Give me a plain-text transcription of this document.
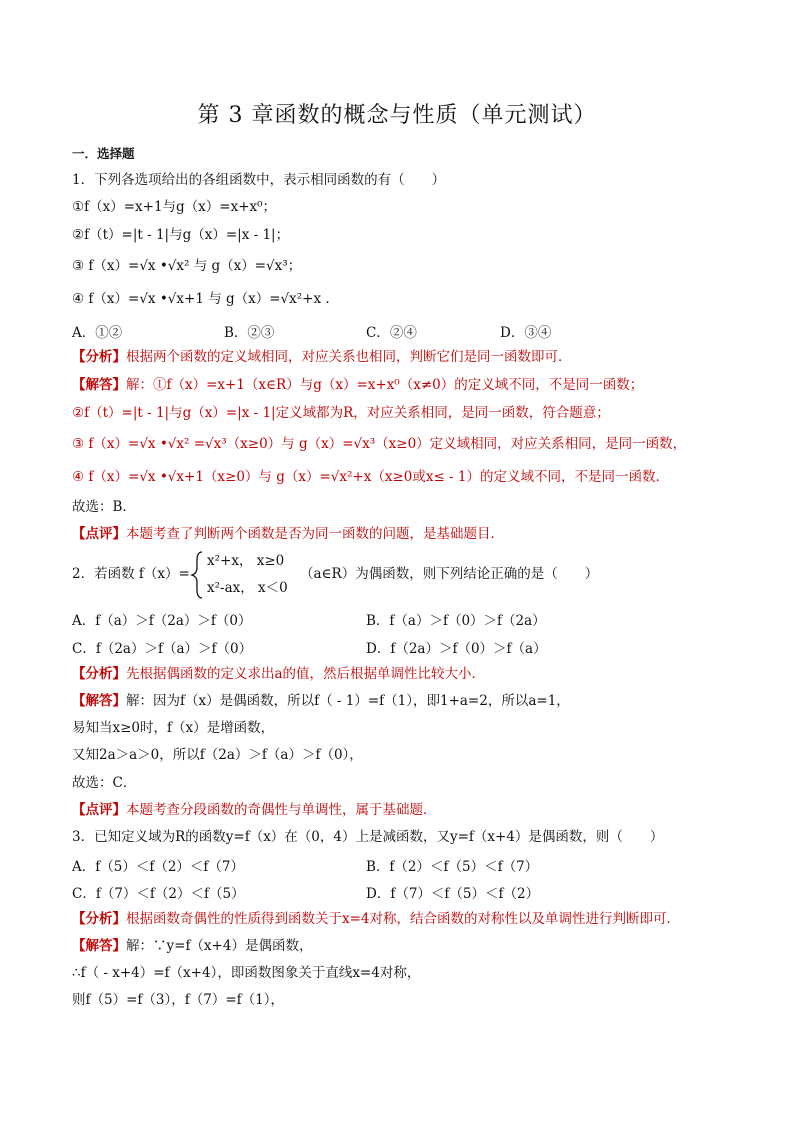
第 3 章函数的概念与性质（单元测试）
一．选择题
1．下列各选项给出的各组函数中，表示相同函数的有（　　）
①f（x）=x+1与g（x）=x+x⁰；
②f（t）=|t - 1|与g（x）=|x - 1|；
③ f（x）=√x •√x² 与 g（x）=√x³；
④ f（x）=√x •√x+1 与 g（x）=√x²+x .
A．①②	B．②③	C．②④	D．③④
【分析】根据两个函数的定义域相同，对应关系也相同，判断它们是同一函数即可．
【解答】解：①f（x）=x+1（x∈R）与g（x）=x+x⁰（x≠0）的定义域不同，不是同一函数；
②f（t）=|t - 1|与g（x）=|x - 1|定义域都为R，对应关系相同，是同一函数，符合题意；
③ f（x）=√x •√x² =√x³（x≥0）与 g（x）=√x³（x≥0）定义域相同，对应关系相同，是同一函数，
④ f（x）=√x •√x+1（x≥0）与 g（x）=√x²+x（x≥0或x≤ - 1）的定义域不同，不是同一函数．
故选：B．
【点评】本题考查了判断两个函数是否为同一函数的问题，是基础题目．
2．若函数 f（x）=
x²+x， x≥0
x²-ax， x＜0
（a∈R）为偶函数，则下列结论正确的是（　　）
A．f（a）＞f（2a）＞f（0）	B．f（a）＞f（0）＞f（2a）
C．f（2a）＞f（a）＞f（0）	D．f（2a）＞f（0）＞f（a）
【分析】先根据偶函数的定义求出a的值，然后根据单调性比较大小．
【解答】解：因为f（x）是偶函数，所以f（ - 1）=f（1），即1+a=2，所以a=1，
易知当x≥0时，f（x）是增函数，
又知2a＞a＞0，所以f（2a）＞f（a）＞f（0），
故选：C．
【点评】本题考查分段函数的奇偶性与单调性，属于基础题．
3．已知定义域为R的函数y=f（x）在（0，4）上是减函数，又y=f（x+4）是偶函数，则（　　）
A．f（5）＜f（2）＜f（7）	B．f（2）＜f（5）＜f（7）
C．f（7）＜f（2）＜f（5）	D．f（7）＜f（5）＜f（2）
【分析】根据函数奇偶性的性质得到函数关于x=4对称，结合函数的对称性以及单调性进行判断即可．
【解答】解：∵y=f（x+4）是偶函数，
∴f（ - x+4）=f（x+4），即函数图象关于直线x=4对称，
则f（5）=f（3），f（7）=f（1），
